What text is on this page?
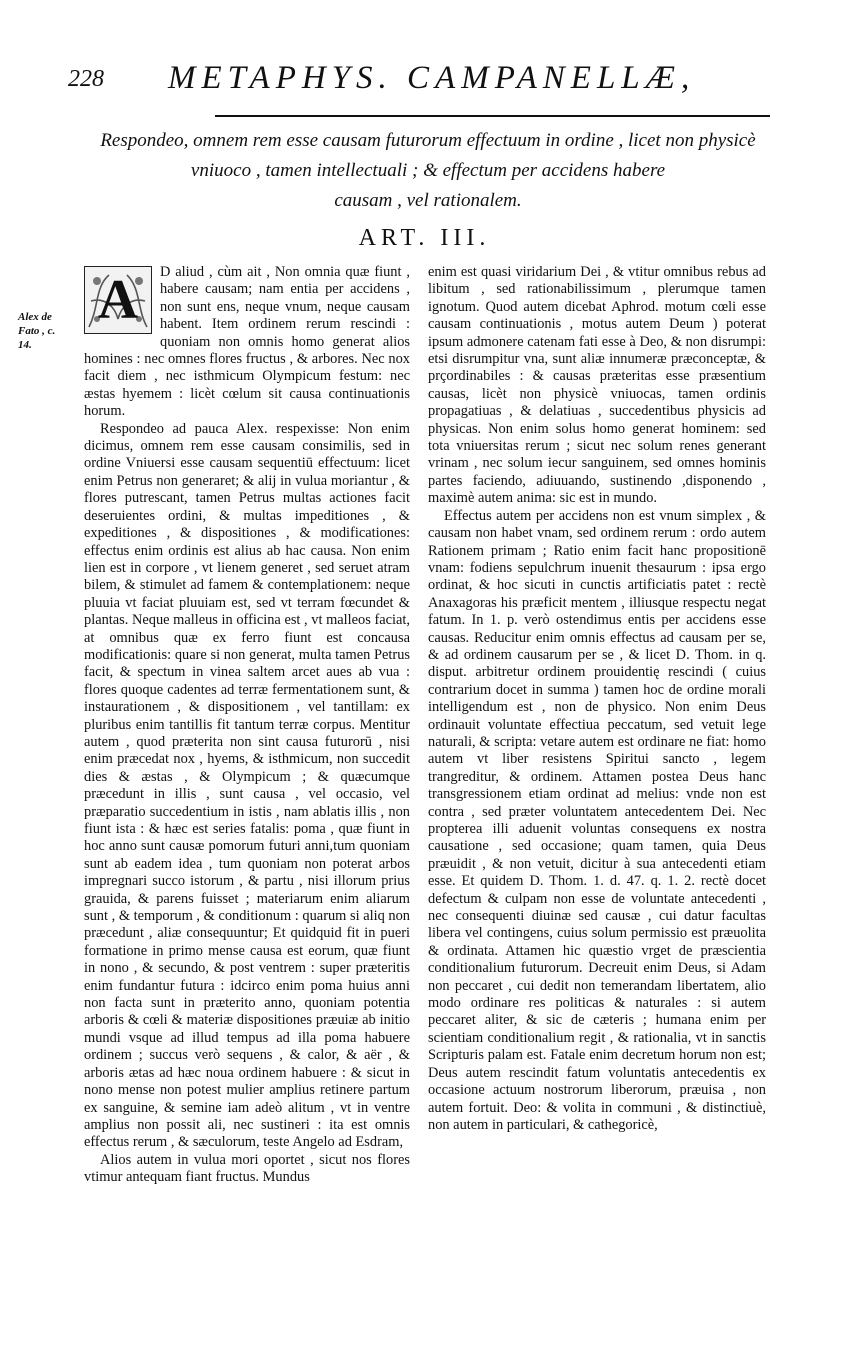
228 METAPHYS. CAMPANELLÆ,
Respondeo, omnem rem esse causam futurorum effectuum in ordine , licet non physicè
vniuoco , tamen intellectuali ; & effectum per accidens habere
causam , vel rationalem.
ART. III.
Alex de
Fato , c.
14.

A	D aliud , cùm ait , Non omnia quæ fiunt , habere causam; nam entia per accidens , non sunt ens, neque vnum, neque causam habent. Item ordinem rerum rescindi : quoniam non omnis homo generat alios homines : nec omnes flores fructus , & arbores. Nec nox facit diem , nec isthmicum Olympicum festum: nec æstas hyemem : licèt cœlum sit causa continuationis horum.

Respondeo ad pauca Alex. respexisse: Non enim dicimus, omnem rem esse causam consimilis, sed in ordine Vniuersi esse causam sequentiū effectuum: licet enim Petrus non generaret; & alij in vulua moriantur , & flores putrescant, tamen Petrus multas actiones facit deseruientes ordini, & multas impeditiones , & expeditiones , & dispositiones , & modificationes: effectus enim ordinis est alius ab hac causa. Non enim lien est in corpore , vt lienem generet , sed seruet atram bilem, & stimulet ad famem & contemplationem: neque pluuia vt faciat pluuiam est, sed vt terram fœcundet & plantas. Neque malleus in officina est , vt malleos faciat, at omnibus quæ ex ferro fiunt est concausa modificationis: quare si non generat, multa tamen Petrus facit, & spectum in vinea saltem arcet aues ab vua : flores quoque cadentes ad terræ fermentationem sunt, & instaurationem , & dispositionem , vel tantillam: ex pluribus enim tantillis fit tantum terræ corpus. Mentitur autem , quod præterita non sint causa futurorū , nisi enim præcedat nox , hyems, & isthmicum, non succedit dies & æstas , & Olympicum ; & quæcumque præcedunt in illis , sunt causa , vel occasio, vel præparatio succedentium in istis , nam ablatis illis , non fiunt ista : & hæc est series fatalis: poma , quæ fiunt in hoc anno sunt causæ pomorum futuri anni,tum quoniam sunt ab eadem idea , tum quoniam non poterat arbos impregnari succo istorum , & partu , nisi illorum prius grauida, & parens fuisset ; materiarum enim aliarum sunt , & temporum , & conditionum : quarum si aliq non præcedunt , aliæ consequuntur; Et quidquid fit in pueri formatione in primo mense causa est eorum, quæ fiunt in nono , & secundo, & post ventrem : super præteritis enim fundantur futura : idcirco enim poma huius anni non facta sunt in præterito anno, quoniam potentia arboris & cœli & materiæ dispositiones præuiæ ab initio mundi vsque ad illud tempus ad illa poma habuere ordinem ; succus verò sequens , & calor, & aër , & arboris ætas ad hæc noua ordinem habuere : & sicut in nono mense non potest mulier amplius retinere partum ex sanguine, & semine iam adeò alitum , vt in ventre amplius non possit ali, nec sustineri : ita est omnis effectus rerum , & sæculorum, teste Angelo ad Esdram,

Alios autem in vulua mori oportet , sicut nos flores vtimur antequam fiant fructus. Mundus

enim est quasi viridarium Dei , & vtitur omnibus rebus ad libitum , sed rationabilissimum , plerumque tamen ignotum. Quod autem dicebat Aphrod. motum cœli esse causam continuationis , motus autem Deum ) poterat ipsum admonere catenam fati esse à Deo, & non disrumpi: etsi disrumpitur vna, sunt aliæ innumeræ præconceptæ, & prçordinabiles : & causas præteritas esse præsentium causas, licèt non physicè vniuocas, tamen ordinis propagatiuas , & delatiuas , succedentibus physicis ad physicas. Non enim solus homo generat hominem: sed tota vniuersitas rerum ; sicut nec solum renes generant vrinam , nec solum iecur sanguinem, sed omnes hominis partes faciendo, adiuuando, sustinendo ,disponendo , maximè autem anima: sic est in mundo.

Effectus autem per accidens non est vnum simplex , & causam non habet vnam, sed ordinem rerum : ordo autem Rationem primam ; Ratio enim facit hanc propositionē vnam: fodiens sepulchrum inuenit thesaurum : ipsa ergo ordinat, & hoc sicuti in cunctis artificiatis patet : rectè Anaxagoras his præficit mentem , illiusque respectu negat fatum. In 1. p. verò ostendimus entis per accidens esse causas. Reducitur enim omnis effectus ad causam per se, & ad ordinem causarum per se , & licet D. Thom. in q. disput. arbitretur ordinem prouidentię rescindi ( cuius contrarium docet in summa ) tamen hoc de ordine morali intelligendum est , non de physico. Non enim Deus ordinauit voluntate effectiua peccatum, sed vetuit lege naturali, & scripta: vetare autem est ordinare ne fiat: homo autem vt liber resistens Spiritui sancto , legem trangreditur, & ordinem. Attamen postea Deus hanc transgressionem etiam ordinat ad melius: vnde non est contra , sed præter voluntatem antecedentem Dei. Nec propterea illi aduenit voluntas consequens ex nostra causatione , sed occasione; quam tamen, quia Deus præuidit , & non vetuit, dicitur à sua antecedenti etiam esse. Et quidem D. Thom. 1. d. 47. q. 1. 2. rectè docet defectum & culpam non esse de voluntate antecedenti , nec consequenti diuinæ sed causæ , cui datur facultas libera vel contingens, cuius solum permissio est præuolita & ordinata. Attamen hic quæstio vrget de præscientia conditionalium futurorum. Decreuit enim Deus, si Adam non peccaret , cui dedit non temerandam libertatem, alio modo ordinare res politicas & naturales : si autem peccaret aliter, & sic de cæteris ; humana enim per scientiam conditionalium regit , & rationalia, vt in sanctis Scripturis palam est. Fatale enim decretum horum non est; Deus autem rescindit fatum voluntatis antecedentis ex occasione actuum nostrorum liberorum, præuisa , non autem fortuit. Deo: & volita in communi , & distinctiuè, non autem in particulari, & cathegoricè,
